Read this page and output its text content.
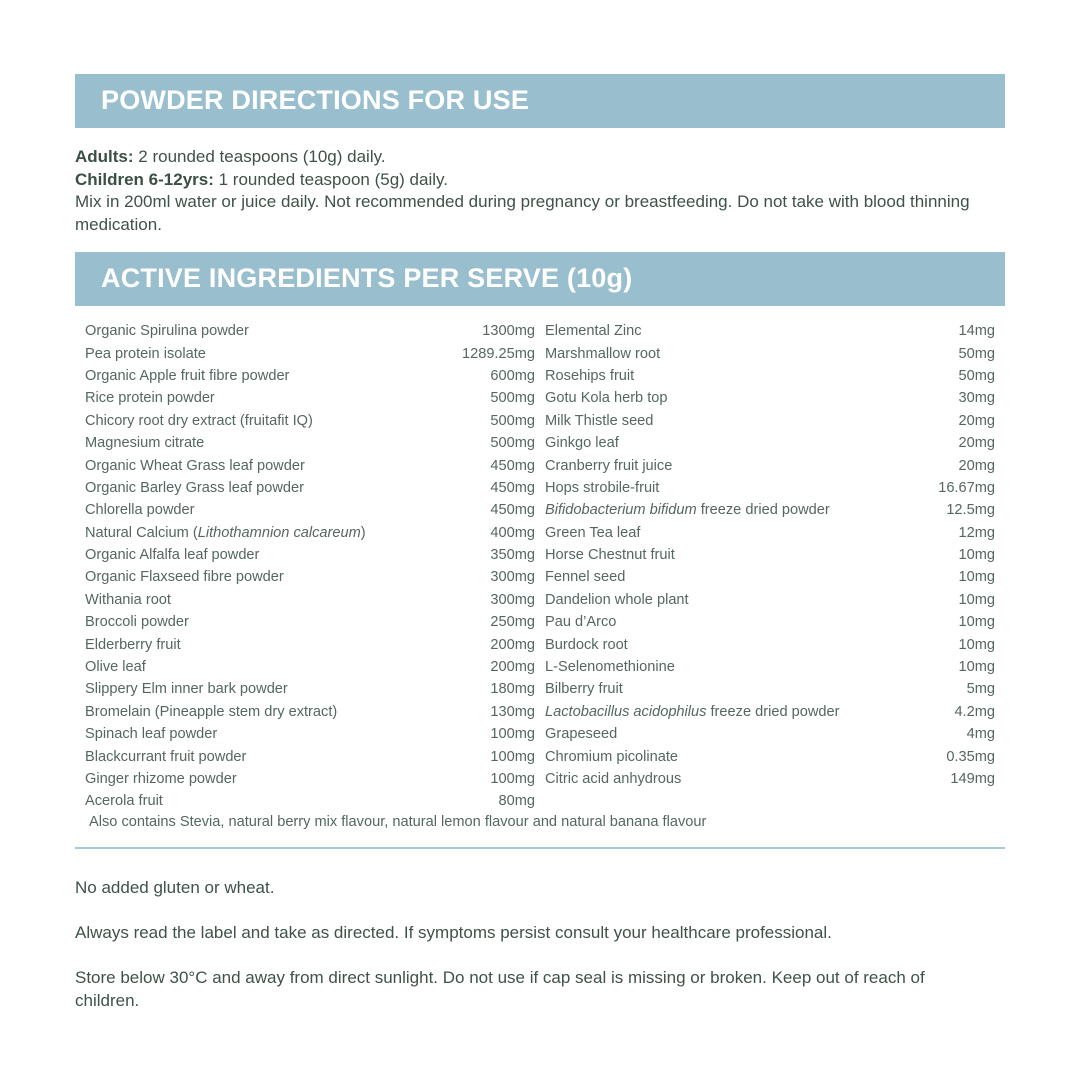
POWDER DIRECTIONS FOR USE

Adults: 2 rounded teaspoons (10g) daily.

Children 6-12yrs: 1 rounded teaspoon (5g) daily.

Mix in 200ml water or juice daily. Not recommended during pregnancy or breastfeeding. Do not take with blood thinning medication.

ACTIVE INGREDIENTS PER SERVE (10g)
Organic Spirulina powder	1300mg
Pea protein isolate	1289.25mg
Organic Apple fruit fibre powder	600mg
Rice protein powder	500mg
Chicory root dry extract (fruitafit IQ)	500mg
Magnesium citrate	500mg
Organic Wheat Grass leaf powder	450mg
Organic Barley Grass leaf powder	450mg
Chlorella powder	450mg
Natural Calcium (Lithothamnion calcareum)	400mg
Organic Alfalfa leaf powder	350mg
Organic Flaxseed fibre powder	300mg
Withania root	300mg
Broccoli powder	250mg
Elderberry fruit	200mg
Olive leaf	200mg
Slippery Elm inner bark powder	180mg
Bromelain (Pineapple stem dry extract)	130mg
Spinach leaf powder	100mg
Blackcurrant fruit powder	100mg
Ginger rhizome powder	100mg
Acerola fruit	80mg
Elemental Zinc	14mg
Marshmallow root	50mg
Rosehips fruit	50mg
Gotu Kola herb top	30mg
Milk Thistle seed	20mg
Ginkgo leaf	20mg
Cranberry fruit juice	20mg
Hops strobile-fruit	16.67mg
Bifidobacterium bifidum freeze dried powder	12.5mg
Green Tea leaf	12mg
Horse Chestnut fruit	10mg
Fennel seed	10mg
Dandelion whole plant	10mg
Pau d’Arco	10mg
Burdock root	10mg
L-Selenomethionine	10mg
Bilberry fruit	5mg
Lactobacillus acidophilus freeze dried powder	4.2mg
Grapeseed	4mg
Chromium picolinate	0.35mg
Citric acid anhydrous	149mg
Also contains Stevia, natural berry mix flavour, natural lemon flavour and natural banana flavour

No added gluten or wheat.

Always read the label and take as directed. If symptoms persist consult your healthcare professional.

Store below 30°C and away from direct sunlight. Do not use if cap seal is missing or broken. Keep out of reach of children.
